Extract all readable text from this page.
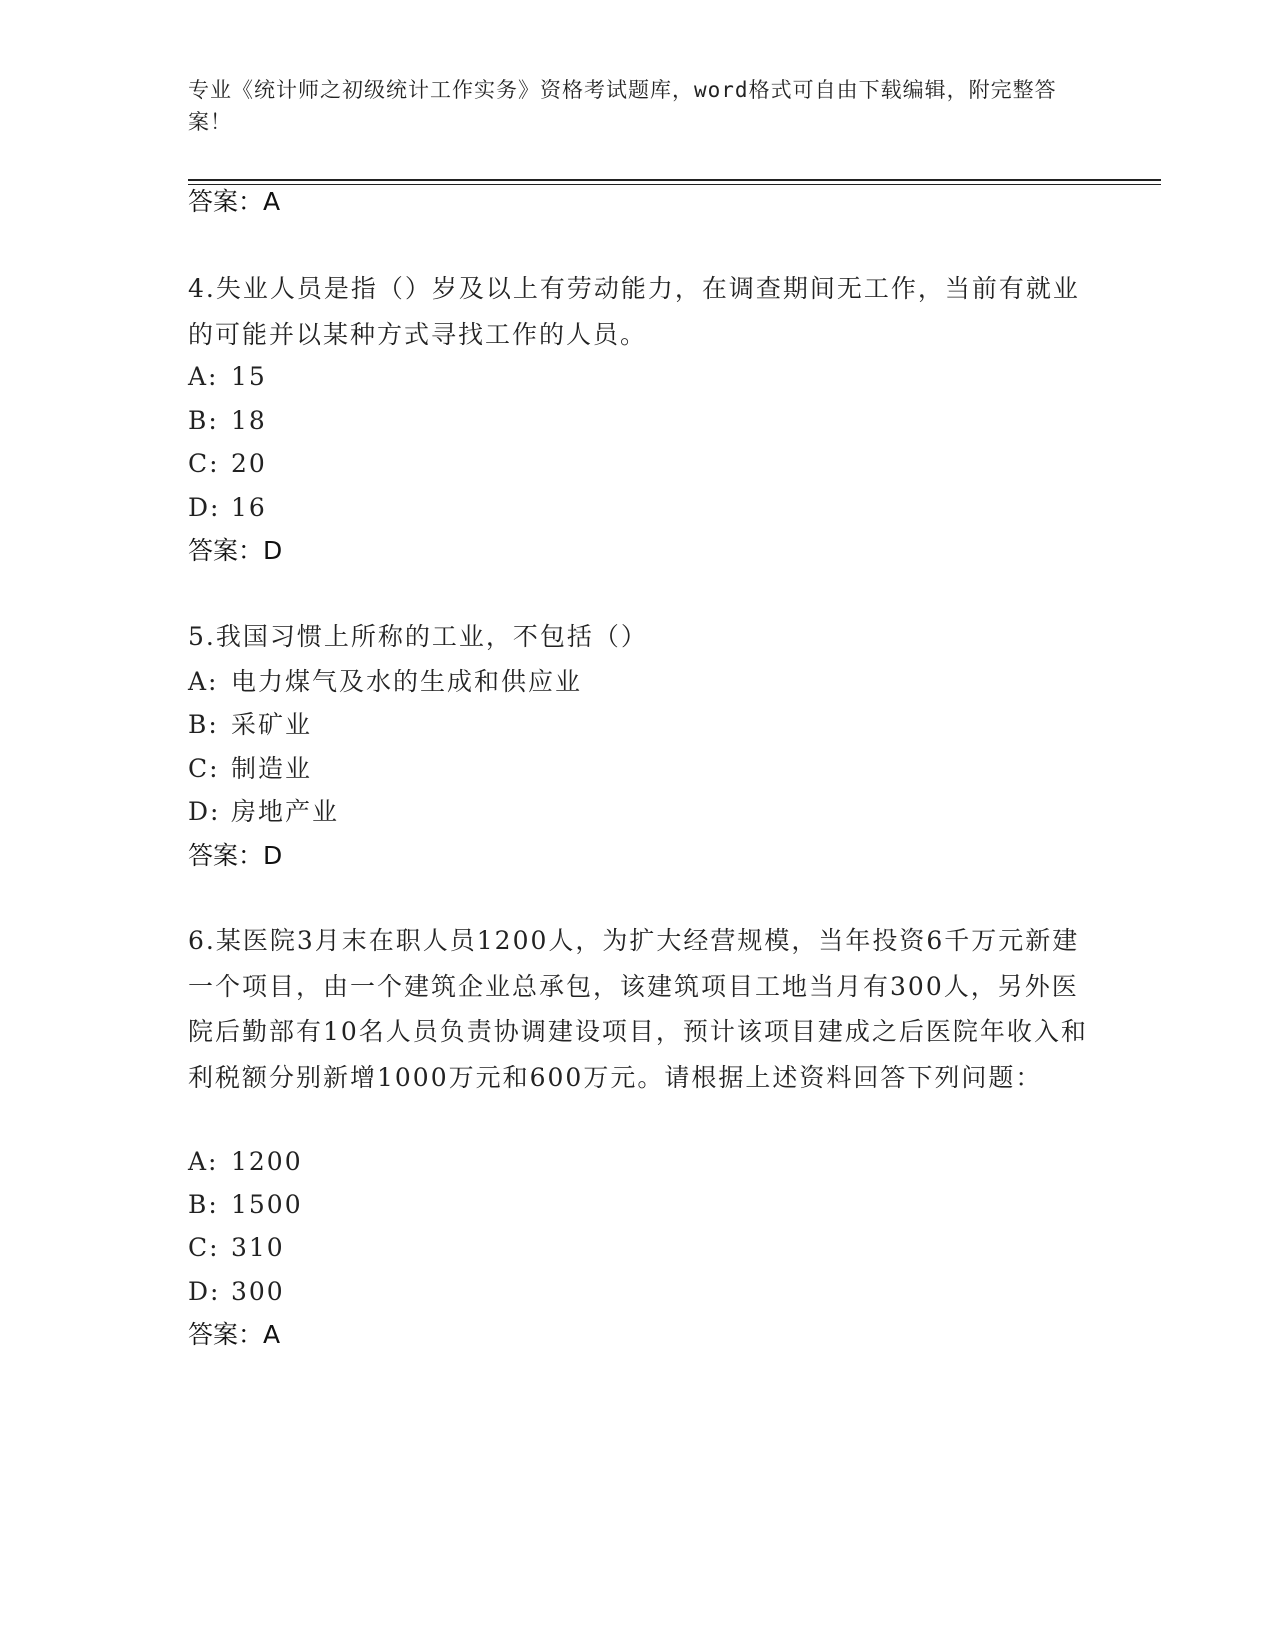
专业《统计师之初级统计工作实务》资格考试题库，word格式可自由下载编辑，附完整答案！
答案：A
4.失业人员是指（）岁及以上有劳动能力，在调查期间无工作，当前有就业的可能并以某种方式寻找工作的人员。
A: 15
B: 18
C: 20
D: 16
答案：D
5.我国习惯上所称的工业，不包括（）
A: 电力煤气及水的生成和供应业
B: 采矿业
C: 制造业
D: 房地产业
答案：D
6.某医院3月末在职人员1200人，为扩大经营规模，当年投资6千万元新建一个项目，由一个建筑企业总承包，该建筑项目工地当月有300人，另外医院后勤部有10名人员负责协调建设项目，预计该项目建成之后医院年收入和利税额分别新增1000万元和600万元。请根据上述资料回答下列问题：
A: 1200
B: 1500
C: 310
D: 300
答案：A
